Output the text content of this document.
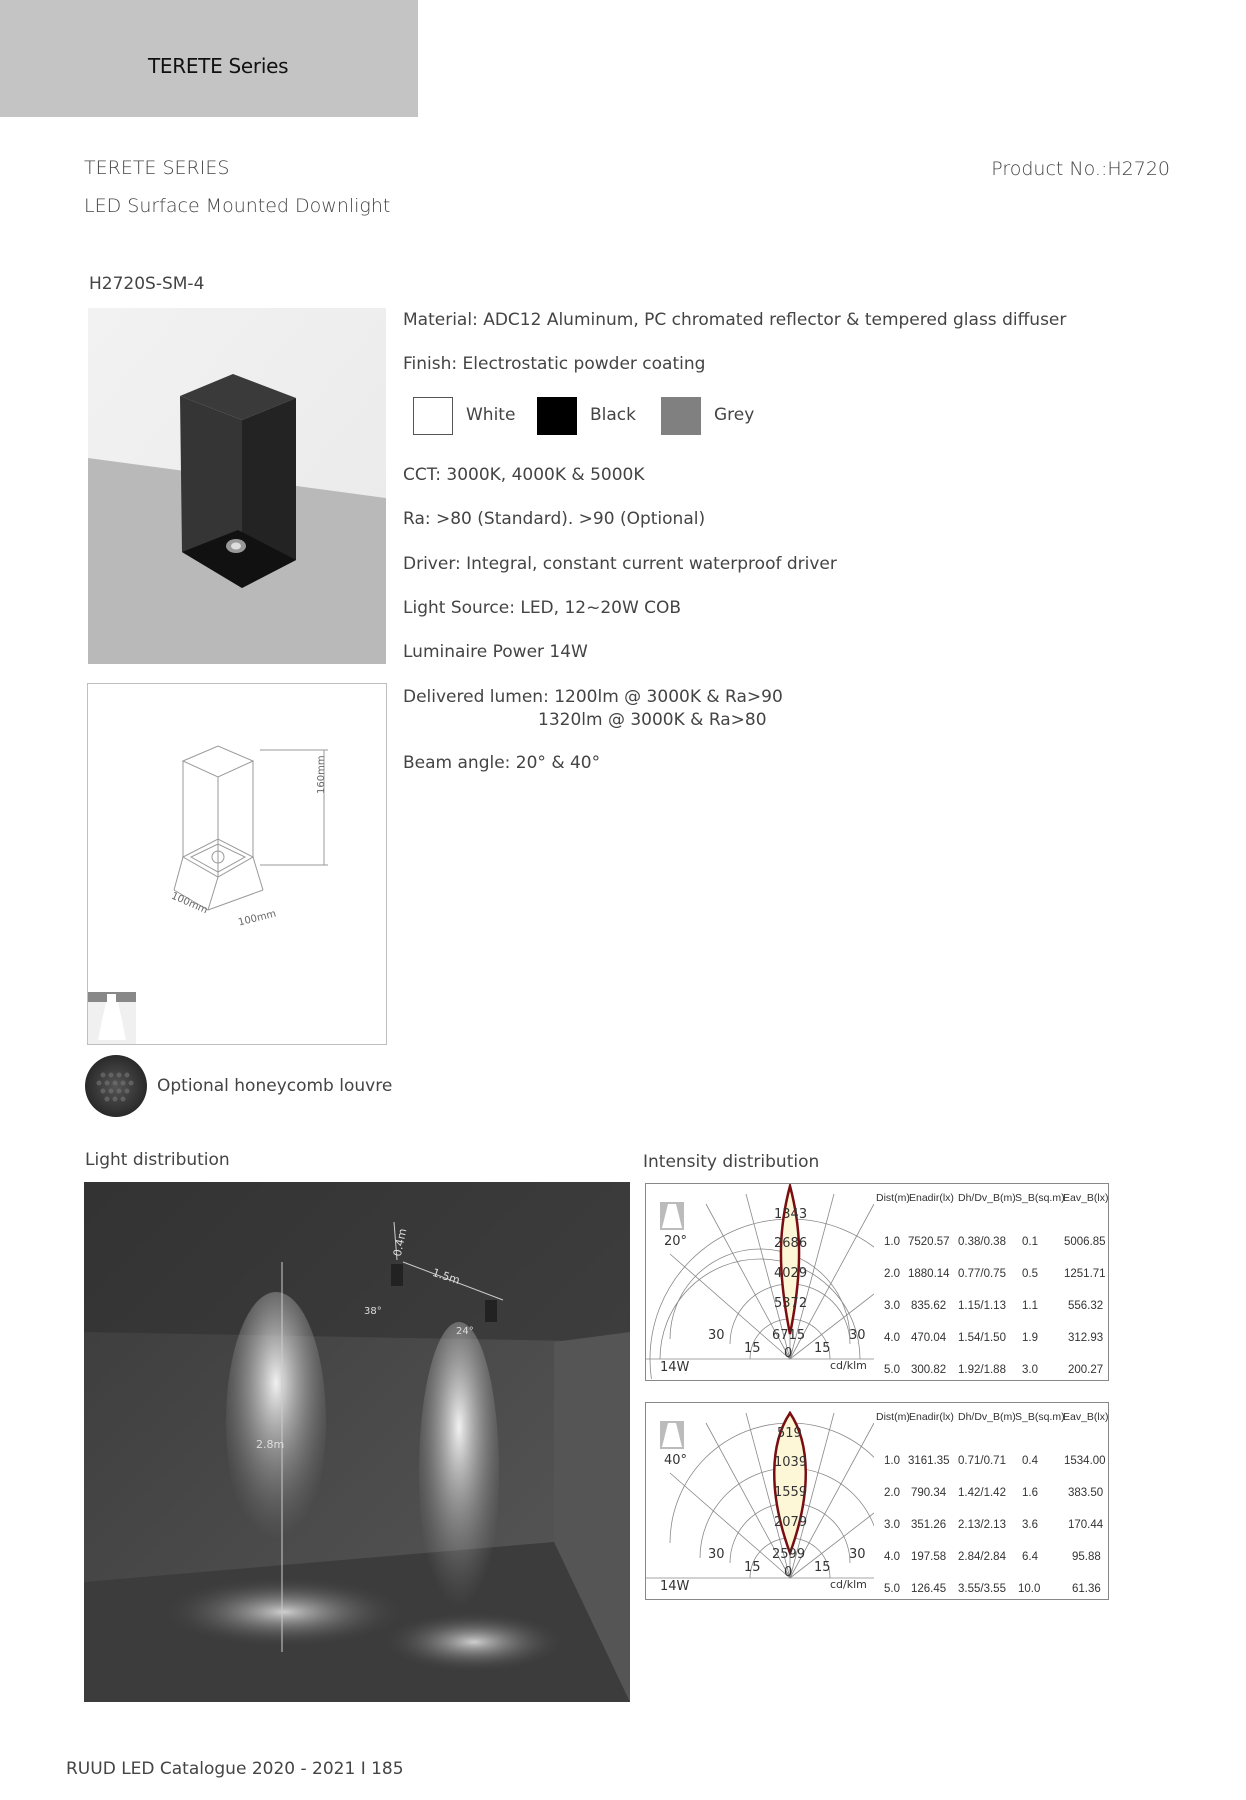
TERETE Series
TERETE SERIES
LED Surface Mounted Downlight
Product No.:H2720
H2720S-SM-4
160mm
100mm
100mm
Material: ADC12 Aluminum, PC chromated reflector & tempered glass diffuser
Finish: Electrostatic powder coating
White	Black	Grey
CCT: 3000K, 4000K & 5000K
Ra: >80 (Standard). >90 (Optional)
Driver: Integral, constant current waterproof driver
Light Source: LED, 12~20W COB
Luminaire Power 14W
Delivered lumen: 1200lm @ 3000K & Ra>90
1320lm @ 3000K & Ra>80
Beam angle: 20° & 40°
Optional honeycomb louvre
Light distribution	Intensity distribution
0.4m
1.5m
2.8m
38°
24°
20°
14W
1343
2686
4029
5372
6715
30
15 0 15
30
cd/klm
Dist(m) Enadir(lx) Dh/Dv_B(m) S_B(sq.m)
Eav_B(lx)
1.0 7520.57 0.38/0.38 0.1 5006.85
2.0 1880.14 0.77/0.75 0.5 1251.71
3.0 835.62 1.15/1.13 1.1	556.32
4.0 470.04 1.54/1.50 1.9	312.93
5.0 300.82 1.92/1.88 3.0	200.27
40°
14W
519
1039
1559
2079
2599
30
15 0 15
30
cd/klm
Dist(m) Enadir(lx) Dh/Dv_B(m) S_B(sq.m)
Eav_B(lx)
1.0 3161.35 0.71/0.71 0.4 1534.00
2.0 790.34 1.42/1.42 1.6	383.50
3.0 351.26 2.13/2.13 3.6	170.44
4.0 197.58 2.84/2.84 6.4	95.88
5.0 126.45 3.55/3.55 10.0	61.36
RUUD LED Catalogue 2020 - 2021 I 185
